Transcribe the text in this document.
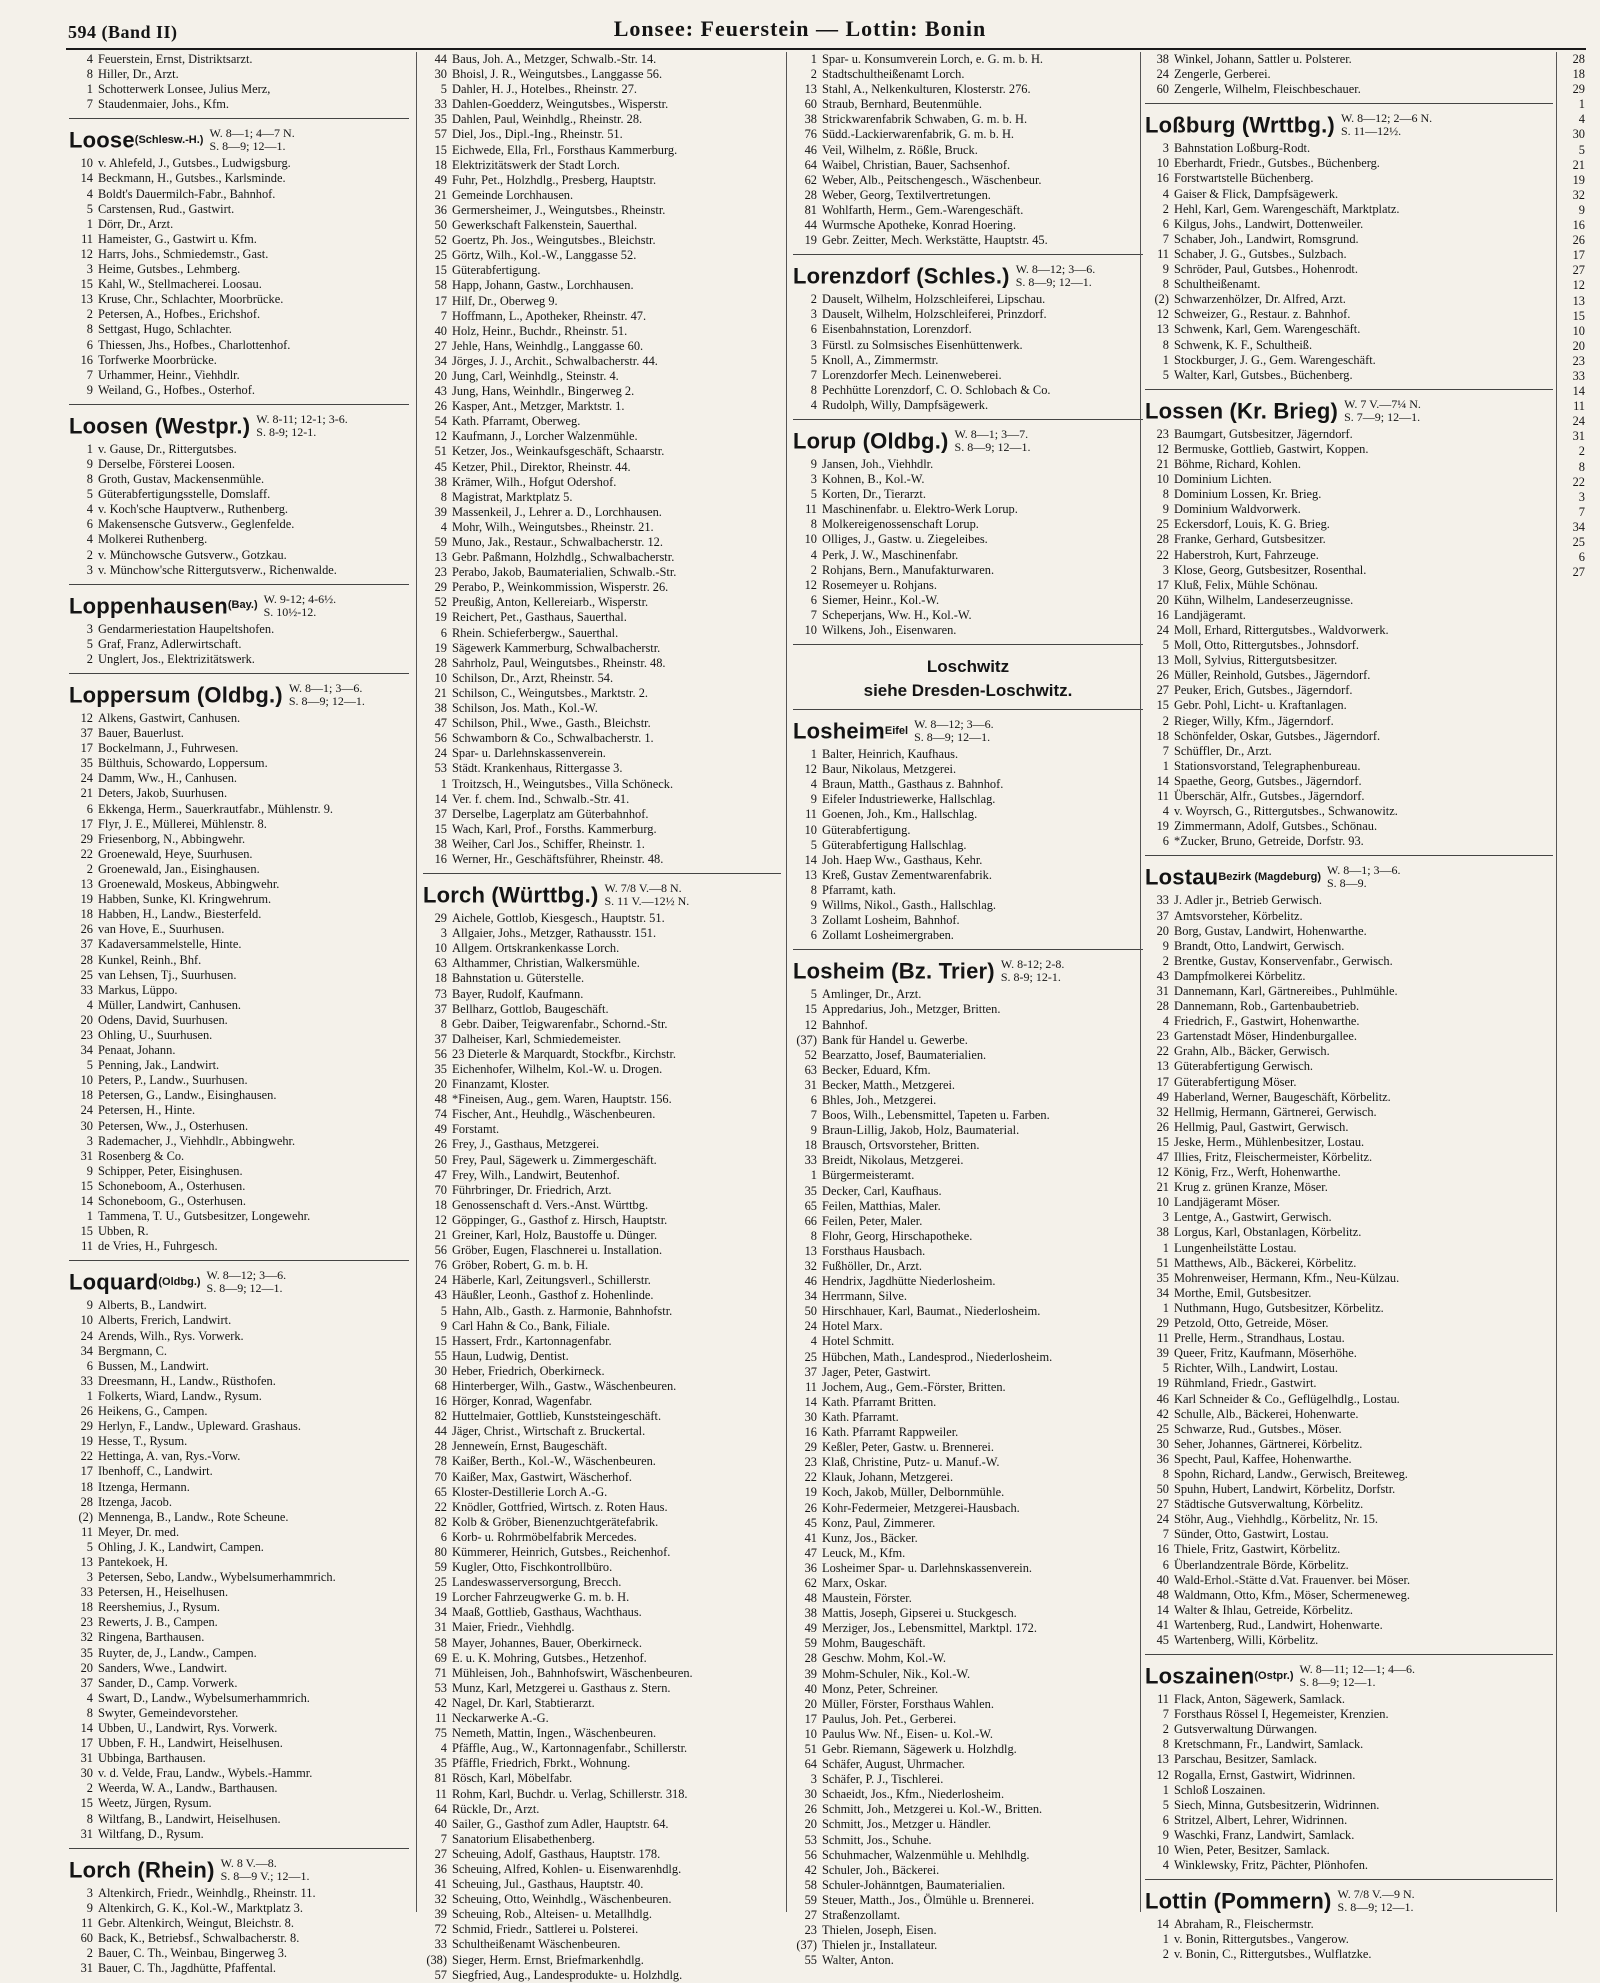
594 (Band II)	Lonsee: Feuerstein — Lottin: Bonin
4 Feuerstein, Ernst, Distriktsarzt.
8 Hiller, Dr., Arzt.
1 Schotterwerk Lonsee, Julius Merz,
7 Staudenmaier, Johs., Kfm.
Loose(Schlesw.-H.) W. 8—1; 4—7 N.
S. 8—9; 12—1.
10 v. Ahlefeld, J., Gutsbes., Ludwigsburg.
14 Beckmann, H., Gutsbes., Karlsminde.
4 Boldt's Dauermilch-Fabr., Bahnhof.
5 Carstensen, Rud., Gastwirt.
1 Dörr, Dr., Arzt.
11 Hameister, G., Gastwirt u. Kfm.
12 Harrs, Johs., Schmiedemstr., Gast.
3 Heime, Gutsbes., Lehmberg.
15 Kahl, W., Stellmacherei. Loosau.
13 Kruse, Chr., Schlachter, Moorbrücke.
2 Petersen, A., Hofbes., Erichshof.
8 Settgast, Hugo, Schlachter.
6 Thiessen, Jhs., Hofbes., Charlottenhof.
16 Torfwerke Moorbrücke.
7 Urhammer, Heinr., Viehhdlr.
9 Weiland, G., Hofbes., Osterhof.
Loosen (Westpr.) W. 8-11; 12-1; 3-6.
S. 8-9; 12-1.
1 v. Gause, Dr., Rittergutsbes.
9 Derselbe, Försterei Loosen.
8 Groth, Gustav, Mackensenmühle.
5 Güterabfertigungsstelle, Domslaff.
4 v. Koch'sche Hauptverw., Ruthenberg.
6 Makensensche Gutsverw., Geglenfelde.
4 Molkerei Ruthenberg.
2 v. Münchowsche Gutsverw., Gotzkau.
3 v. Münchow'sche Rittergutsverw., Richenwalde.
Loppenhausen(Bay.) W. 9-12; 4-6½.
S. 10½-12.
3 Gendarmeriestation Haupeltshofen.
5 Graf, Franz, Adlerwirtschaft.
2 Unglert, Jos., Elektrizitätswerk.
Loppersum (Oldbg.) W. 8—1; 3—6.
S. 8—9; 12—1.
12 Alkens, Gastwirt, Canhusen.
37 Bauer, Bauerlust.
17 Bockelmann, J., Fuhrwesen.
35 Bülthuis, Schowardo, Loppersum.
24 Damm, Ww., H., Canhusen.
21 Deters, Jakob, Suurhusen.
6 Ekkenga, Herm., Sauerkrautfabr., Mühlenstr. 9.
17 Flyr, J. E., Müllerei, Mühlenstr. 8.
29 Friesenborg, N., Abbingwehr.
22 Groenewald, Heye, Suurhusen.
2 Groenewald, Jan., Eisinghausen.
13 Groenewald, Moskeus, Abbingwehr.
19 Habben, Sunke, Kl. Kringwehrum.
18 Habben, H., Landw., Biesterfeld.
26 van Hove, E., Suurhusen.
37 Kadaversammelstelle, Hinte.
28 Kunkel, Reinh., Bhf.
25 van Lehsen, Tj., Suurhusen.
33 Markus, Lüppo.
4 Müller, Landwirt, Canhusen.
20 Odens, David, Suurhusen.
23 Ohling, U., Suurhusen.
34 Penaat, Johann.
5 Penning, Jak., Landwirt.
10 Peters, P., Landw., Suurhusen.
18 Petersen, G., Landw., Eisinghausen.
24 Petersen, H., Hinte.
30 Petersen, Ww., J., Osterhusen.
3 Rademacher, J., Viehhdlr., Abbingwehr.
31 Rosenberg & Co.
9 Schipper, Peter, Eisinghusen.
15 Schoneboom, A., Osterhusen.
14 Schoneboom, G., Osterhusen.
1 Tammena, T. U., Gutsbesitzer, Longewehr.
15 Ubben, R.
11 de Vries, H., Fuhrgesch.
Loquard(Oldbg.) W. 8—12; 3—6.
S. 8—9; 12—1.
9 Alberts, B., Landwirt.
10 Alberts, Frerich, Landwirt.
24 Arends, Wilh., Rys. Vorwerk.
34 Bergmann, C.
6 Bussen, M., Landwirt.
33 Dreesmann, H., Landw., Rüsthofen.
1 Folkerts, Wiard, Landw., Rysum.
26 Heikens, G., Campen.
29 Herlyn, F., Landw., Upleward. Grashaus.
19 Hesse, T., Rysum.
22 Hettinga, A. van, Rys.-Vorw.
17 Ibenhoff, C., Landwirt.
18 Itzenga, Hermann.
28 Itzenga, Jacob.
(2) Mennenga, B., Landw., Rote Scheune.
11 Meyer, Dr. med.
5 Ohling, J. K., Landwirt, Campen.
13 Pantekoek, H.
3 Petersen, Sebo, Landw., Wybelsumerhammrich.
33 Petersen, H., Heiselhusen.
18 Reershemius, J., Rysum.
23 Rewerts, J. B., Campen.
32 Ringena, Barthausen.
35 Ruyter, de, J., Landw., Campen.
20 Sanders, Wwe., Landwirt.
37 Sander, D., Camp. Vorwerk.
4 Swart, D., Landw., Wybelsumerhammrich.
8 Swyter, Gemeindevorsteher.
14 Ubben, U., Landwirt, Rys. Vorwerk.
17 Ubben, F. H., Landwirt, Heiselhusen.
31 Ubbinga, Barthausen.
30 v. d. Velde, Frau, Landw., Wybels.-Hammr.
2 Weerda, W. A., Landw., Barthausen.
15 Weetz, Jürgen, Rysum.
8 Wiltfang, B., Landwirt, Heiselhusen.
31 Wiltfang, D., Rysum.
Lorch (Rhein) W. 8 V.—8.
S. 8—9 V.; 12—1.
3 Altenkirch, Friedr., Weinhdlg., Rheinstr. 11.
9 Altenkirch, G. K., Kol.-W., Marktplatz 3.
11 Gebr. Altenkirch, Weingut, Bleichstr. 8.
60 Back, K., Betriebsf., Schwalbacherstr. 8.
2 Bauer, C. Th., Weinbau, Bingerweg 3.
31 Bauer, C. Th., Jagdhütte, Pfaffental.
44 Baus, Joh. A., Metzger, Schwalb.-Str. 14.
30 Bhoisl, J. R., Weingutsbes., Langgasse 56.
5 Dahler, H. J., Hotelbes., Rheinstr. 27.
33 Dahlen-Goedderz, Weingutsbes., Wisperstr.
35 Dahlen, Paul, Weinhdlg., Rheinstr. 28.
57 Diel, Jos., Dipl.-Ing., Rheinstr. 51.
15 Eichwede, Ella, Frl., Forsthaus Kammerburg.
18 Elektrizitätswerk der Stadt Lorch.
49 Fuhr, Pet., Holzhdlg., Presberg, Hauptstr.
21 Gemeinde Lorchhausen.
36 Germersheimer, J., Weingutsbes., Rheinstr.
50 Gewerkschaft Falkenstein, Sauerthal.
52 Goertz, Ph. Jos., Weingutsbes., Bleichstr.
25 Görtz, Wilh., Kol.-W., Langgasse 52.
15 Güterabfertigung.
58 Happ, Johann, Gastw., Lorchhausen.
17 Hilf, Dr., Oberweg 9.
7 Hoffmann, L., Apotheker, Rheinstr. 47.
40 Holz, Heinr., Buchdr., Rheinstr. 51.
27 Jehle, Hans, Weinhdlg., Langgasse 60.
34 Jörges, J. J., Archit., Schwalbacherstr. 44.
20 Jung, Carl, Weinhdlg., Steinstr. 4.
43 Jung, Hans, Weinhdlr., Bingerweg 2.
26 Kasper, Ant., Metzger, Marktstr. 1.
54 Kath. Pfarramt, Oberweg.
12 Kaufmann, J., Lorcher Walzenmühle.
51 Ketzer, Jos., Weinkaufsgeschäft, Schaarstr.
45 Ketzer, Phil., Direktor, Rheinstr. 44.
38 Krämer, Wilh., Hofgut Odershof.
8 Magistrat, Marktplatz 5.
39 Massenkeil, J., Lehrer a. D., Lorchhausen.
4 Mohr, Wilh., Weingutsbes., Rheinstr. 21.
59 Muno, Jak., Restaur., Schwalbacherstr. 12.
13 Gebr. Paßmann, Holzhdlg., Schwalbacherstr.
23 Perabo, Jakob, Baumaterialien, Schwalb.-Str.
29 Perabo, P., Weinkommission, Wisperstr. 26.
52 Preußig, Anton, Kellereiarb., Wisperstr.
19 Reichert, Pet., Gasthaus, Sauerthal.
6 Rhein. Schieferbergw., Sauerthal.
19 Sägewerk Kammerburg, Schwalbacherstr.
28 Sahrholz, Paul, Weingutsbes., Rheinstr. 48.
10 Schilson, Dr., Arzt, Rheinstr. 54.
21 Schilson, C., Weingutsbes., Marktstr. 2.
38 Schilson, Jos. Math., Kol.-W.
47 Schilson, Phil., Wwe., Gasth., Bleichstr.
56 Schwamborn & Co., Schwalbacherstr. 1.
24 Spar- u. Darlehnskassenverein.
53 Städt. Krankenhaus, Rittergasse 3.
1 Troitzsch, H., Weingutsbes., Villa Schöneck.
14 Ver. f. chem. Ind., Schwalb.-Str. 41.
37 Derselbe, Lagerplatz am Güterbahnhof.
15 Wach, Karl, Prof., Forsths. Kammerburg.
38 Weiher, Carl Jos., Schiffer, Rheinstr. 1.
16 Werner, Hr., Geschäftsführer, Rheinstr. 48.
Lorch (Württbg.) W. 7/8 V.—8 N.
S. 11 V.—12½ N.
29 Aichele, Gottlob, Kiesgesch., Hauptstr. 51.
3 Allgaier, Johs., Metzger, Rathausstr. 151.
10 Allgem. Ortskrankenkasse Lorch.
63 Althammer, Christian, Walkersmühle.
18 Bahnstation u. Güterstelle.
73 Bayer, Rudolf, Kaufmann.
37 Bellharz, Gottlob, Baugeschäft.
8 Gebr. Daiber, Teigwarenfabr., Schornd.-Str.
37 Dalheiser, Karl, Schmiedemeister.
56 23 Dieterle & Marquardt, Stockfbr., Kirchstr.
35 Eichenhofer, Wilhelm, Kol.-W. u. Drogen.
20 Finanzamt, Kloster.
48 *Fineisen, Aug., gem. Waren, Hauptstr. 156.
74 Fischer, Ant., Heuhdlg., Wäschenbeuren.
49 Forstamt.
26 Frey, J., Gasthaus, Metzgerei.
50 Frey, Paul, Sägewerk u. Zimmergeschäft.
47 Frey, Wilh., Landwirt, Beutenhof.
70 Führbringer, Dr. Friedrich, Arzt.
18 Genossenschaft d. Vers.-Anst. Württbg.
12 Göppinger, G., Gasthof z. Hirsch, Hauptstr.
21 Greiner, Karl, Holz, Baustoffe u. Dünger.
56 Gröber, Eugen, Flaschnerei u. Installation.
76 Gröber, Robert, G. m. b. H.
24 Häberle, Karl, Zeitungsverl., Schillerstr.
43 Häußler, Leonh., Gasthof z. Hohenlinde.
5 Hahn, Alb., Gasth. z. Harmonie, Bahnhofstr.
9 Carl Hahn & Co., Bank, Filiale.
15 Hassert, Frdr., Kartonnagenfabr.
55 Haun, Ludwig, Dentist.
30 Heber, Friedrich, Oberkirneck.
68 Hinterberger, Wilh., Gastw., Wäschenbeuren.
16 Hörger, Konrad, Wagenfabr.
82 Huttelmaier, Gottlieb, Kunststeingeschäft.
44 Jäger, Christ., Wirtschaft z. Bruckertal.
28 Jenneweín, Ernst, Baugeschäft.
78 Kaißer, Berth., Kol.-W., Wäschenbeuren.
70 Kaißer, Max, Gastwirt, Wäscherhof.
65 Kloster-Destillerie Lorch A.-G.
22 Knödler, Gottfried, Wirtsch. z. Roten Haus.
82 Kolb & Gröber, Bienenzuchtgerätefabrik.
6 Korb- u. Rohrmöbelfabrik Mercedes.
80 Kümmerer, Heinrich, Gutsbes., Reichenhof.
59 Kugler, Otto, Fischkontrollbüro.
25 Landeswasserversorgung, Brecch.
19 Lorcher Fahrzeugwerke G. m. b. H.
34 Maaß, Gottlieb, Gasthaus, Wachthaus.
31 Maier, Friedr., Viehhdlg.
58 Mayer, Johannes, Bauer, Oberkirneck.
69 E. u. K. Mohring, Gutsbes., Hetzenhof.
71 Mühleisen, Joh., Bahnhofswirt, Wäschenbeuren.
53 Munz, Karl, Metzgerei u. Gasthaus z. Stern.
42 Nagel, Dr. Karl, Stabtierarzt.
11 Neckarwerke A.-G.
75 Nemeth, Mattin, Ingen., Wäschenbeuren.
4 Pfäffle, Aug., W., Kartonnagenfabr., Schillerstr.
35 Pfäffle, Friedrich, Fbrkt., Wohnung.
81 Rösch, Karl, Möbelfabr.
11 Rohm, Karl, Buchdr. u. Verlag, Schillerstr. 318.
64 Rückle, Dr., Arzt.
40 Sailer, G., Gasthof zum Adler, Hauptstr. 64.
7 Sanatorium Elisabethenberg.
27 Scheuing, Adolf, Gasthaus, Hauptstr. 178.
36 Scheuing, Alfred, Kohlen- u. Eisenwarenhdlg.
41 Scheuing, Jul., Gasthaus, Hauptstr. 40.
32 Scheuing, Otto, Weinhdlg., Wäschenbeuren.
39 Scheuing, Rob., Alteisen- u. Metallhdlg.
72 Schmid, Friedr., Sattlerei u. Polsterei.
33 Schultheißenamt Wäschenbeuren.
(38) Sieger, Herm. Ernst, Briefmarkenhdlg.
57 Siegfried, Aug., Landesprodukte- u. Holzhdlg.
1 Spar- u. Konsumverein Lorch, e. G. m. b. H.
2 Stadtschultheißenamt Lorch.
13 Stahl, A., Nelkenkulturen, Klosterstr. 276.
60 Straub, Bernhard, Beutenmühle.
38 Strickwarenfabrik Schwaben, G. m. b. H.
76 Südd.-Lackierwarenfabrik, G. m. b. H.
46 Veil, Wilhelm, z. Rößle, Bruck.
64 Waibel, Christian, Bauer, Sachsenhof.
62 Weber, Alb., Peitschengesch., Wäschenbeur.
28 Weber, Georg, Textilvertretungen.
81 Wohlfarth, Herm., Gem.-Warengeschäft.
44 Wurmsche Apotheke, Konrad Hoering.
19 Gebr. Zeitter, Mech. Werkstätte, Hauptstr. 45.
Lorenzdorf (Schles.) W. 8—12; 3—6.
S. 8—9; 12—1.
2 Dauselt, Wilhelm, Holzschleiferei, Lipschau.
3 Dauselt, Wilhelm, Holzschleiferei, Prinzdorf.
6 Eisenbahnstation, Lorenzdorf.
3 Fürstl. zu Solmsisches Eisenhüttenwerk.
5 Knoll, A., Zimmermstr.
7 Lorenzdorfer Mech. Leinenweberei.
8 Pechhütte Lorenzdorf, C. O. Schlobach & Co.
4 Rudolph, Willy, Dampfsägewerk.
Lorup (Oldbg.) W. 8—1; 3—7.
S. 8—9; 12—1.
9 Jansen, Joh., Viehhdlr.
3 Kohnen, B., Kol.-W.
5 Korten, Dr., Tierarzt.
11 Maschinenfabr. u. Elektro-Werk Lorup.
8 Molkereigenossenschaft Lorup.
10 Olliges, J., Gastw. u. Ziegeleibes.
4 Perk, J. W., Maschinenfabr.
2 Rohjans, Bern., Manufakturwaren.
12 Rosemeyer u. Rohjans.
6 Siemer, Heinr., Kol.-W.
7 Scheperjans, Ww. H., Kol.-W.
10 Wilkens, Joh., Eisenwaren.
Loschwitz
siehe Dresden-Loschwitz.
LosheimEifel W. 8—12; 3—6.
S. 8—9; 12—1.
1 Balter, Heinrich, Kaufhaus.
12 Baur, Nikolaus, Metzgerei.
4 Braun, Matth., Gasthaus z. Bahnhof.
9 Eifeler Industriewerke, Hallschlag.
11 Goenen, Joh., Km., Hallschlag.
10 Güterabfertigung.
5 Güterabfertigung Hallschlag.
14 Joh. Haep Ww., Gasthaus, Kehr.
13 Kreß, Gustav Zementwarenfabrik.
8 Pfarramt, kath.
9 Willms, Nikol., Gasth., Hallschlag.
3 Zollamt Losheim, Bahnhof.
6 Zollamt Losheimergraben.
Losheim (Bz. Trier) W. 8-12; 2-8.
S. 8-9; 12-1.
5 Amlinger, Dr., Arzt.
15 Appredarius, Joh., Metzger, Britten.
12 Bahnhof.
(37) Bank für Handel u. Gewerbe.
52 Bearzatto, Josef, Baumaterialien.
63 Becker, Eduard, Kfm.
31 Becker, Matth., Metzgerei.
6 Bhles, Joh., Metzgerei.
7 Boos, Wilh., Lebensmittel, Tapeten u. Farben.
9 Braun-Lillig, Jakob, Holz, Baumaterial.
18 Brausch, Ortsvorsteher, Britten.
33 Breidt, Nikolaus, Metzgerei.
1 Bürgermeisteramt.
35 Decker, Carl, Kaufhaus.
65 Feilen, Matthias, Maler.
66 Feilen, Peter, Maler.
8 Flohr, Georg, Hirschapotheke.
13 Forsthaus Hausbach.
32 Fußhöller, Dr., Arzt.
46 Hendrix, Jagdhütte Niederlosheim.
34 Herrmann, Silve.
50 Hirschhauer, Karl, Baumat., Niederlosheim.
24 Hotel Marx.
4 Hotel Schmitt.
25 Hübchen, Math., Landesprod., Niederlosheim.
37 Jager, Peter, Gastwirt.
11 Jochem, Aug., Gem.-Förster, Britten.
14 Kath. Pfarramt Britten.
30 Kath. Pfarramt.
16 Kath. Pfarramt Rappweiler.
29 Keßler, Peter, Gastw. u. Brennerei.
23 Klaß, Christine, Putz- u. Manuf.-W.
22 Klauk, Johann, Metzgerei.
19 Koch, Jakob, Müller, Delbornmühle.
26 Kohr-Federmeier, Metzgerei-Hausbach.
45 Konz, Paul, Zimmerer.
41 Kunz, Jos., Bäcker.
47 Leuck, M., Kfm.
36 Losheimer Spar- u. Darlehnskassenverein.
62 Marx, Oskar.
48 Maustein, Förster.
38 Mattis, Joseph, Gipserei u. Stuckgesch.
49 Merziger, Jos., Lebensmittel, Marktpl. 172.
59 Mohm, Baugeschäft.
28 Geschw. Mohm, Kol.-W.
39 Mohm-Schuler, Nik., Kol.-W.
40 Monz, Peter, Schreiner.
20 Müller, Förster, Forsthaus Wahlen.
17 Paulus, Joh. Pet., Gerberei.
10 Paulus Ww. Nf., Eisen- u. Kol.-W.
51 Gebr. Riemann, Sägewerk u. Holzhdlg.
64 Schäfer, August, Uhrmacher.
3 Schäfer, P. J., Tischlerei.
30 Schaeidt, Jos., Kfm., Niederlosheim.
26 Schmitt, Joh., Metzgerei u. Kol.-W., Britten.
20 Schmitt, Jos., Metzger u. Händler.
53 Schmitt, Jos., Schuhe.
56 Schuhmacher, Walzenmühle u. Mehlhdlg.
42 Schuler, Joh., Bäckerei.
58 Schuler-Johänntgen, Baumaterialien.
59 Steuer, Matth., Jos., Ölmühle u. Brennerei.
27 Straßenzollamt.
23 Thielen, Joseph, Eisen.
(37) Thielen jr., Installateur.
55 Walter, Anton.
38 Winkel, Johann, Sattler u. Polsterer.
24 Zengerle, Gerberei.
60 Zengerle, Wilhelm, Fleischbeschauer.
Loßburg (Wrttbg.) W. 8—12; 2—6 N.
S. 11—12½.
3 Bahnstation Loßburg-Rodt.
10 Eberhardt, Friedr., Gutsbes., Büchenberg.
16 Forstwartstelle Büchenberg.
4 Gaiser & Flick, Dampfsägewerk.
2 Hehl, Karl, Gem. Warengeschäft, Marktplatz.
6 Kilgus, Johs., Landwirt, Dottenweiler.
7 Schaber, Joh., Landwirt, Romsgrund.
11 Schaber, J. G., Gutsbes., Sulzbach.
9 Schröder, Paul, Gutsbes., Hohenrodt.
8 Schultheißenamt.
(2) Schwarzenhölzer, Dr. Alfred, Arzt.
12 Schweizer, G., Restaur. z. Bahnhof.
13 Schwenk, Karl, Gem. Warengeschäft.
8 Schwenk, K. F., Schultheiß.
1 Stockburger, J. G., Gem. Warengeschäft.
5 Walter, Karl, Gutsbes., Büchenberg.
Lossen (Kr. Brieg) W. 7 V.—7¼ N.
S. 7—9; 12—1.
23 Baumgart, Gutsbesitzer, Jägerndorf.
12 Bermuske, Gottlieb, Gastwirt, Koppen.
21 Böhme, Richard, Kohlen.
10 Dominium Lichten.
8 Dominium Lossen, Kr. Brieg.
9 Dominium Waldvorwerk.
25 Eckersdorf, Louis, K. G. Brieg.
28 Franke, Gerhard, Gutsbesitzer.
22 Haberstroh, Kurt, Fahrzeuge.
3 Klose, Georg, Gutsbesitzer, Rosenthal.
17 Kluß, Felix, Mühle Schönau.
20 Kühn, Wilhelm, Landeserzeugnisse.
16 Landjägeramt.
24 Moll, Erhard, Rittergutsbes., Waldvorwerk.
5 Moll, Otto, Rittergutsbes., Johnsdorf.
13 Moll, Sylvius, Rittergutsbesitzer.
26 Müller, Reinhold, Gutsbes., Jägerndorf.
27 Peuker, Erich, Gutsbes., Jägerndorf.
15 Gebr. Pohl, Licht- u. Kraftanlagen.
2 Rieger, Willy, Kfm., Jägerndorf.
18 Schönfelder, Oskar, Gutsbes., Jägerndorf.
7 Schüffler, Dr., Arzt.
1 Stationsvorstand, Telegraphenbureau.
14 Spaethe, Georg, Gutsbes., Jägerndorf.
11 Überschär, Alfr., Gutsbes., Jägerndorf.
4 v. Woyrsch, G., Rittergutsbes., Schwanowitz.
19 Zimmermann, Adolf, Gutsbes., Schönau.
6 *Zucker, Bruno, Getreide, Dorfstr. 93.
LostauBezirk (Magdeburg) W. 8—1; 3—6.
S. 8—9.
33 J. Adler jr., Betrieb Gerwisch.
37 Amtsvorsteher, Körbelitz.
20 Borg, Gustav, Landwirt, Hohenwarthe.
9 Brandt, Otto, Landwirt, Gerwisch.
2 Brentke, Gustav, Konservenfabr., Gerwisch.
43 Dampfmolkerei Körbelitz.
31 Dannemann, Karl, Gärtnereibes., Puhlmühle.
28 Dannemann, Rob., Gartenbaubetrieb.
4 Friedrich, F., Gastwirt, Hohenwarthe.
23 Gartenstadt Möser, Hindenburgallee.
22 Grahn, Alb., Bäcker, Gerwisch.
13 Güterabfertigung Gerwisch.
17 Güterabfertigung Möser.
49 Haberland, Werner, Baugeschäft, Körbelitz.
32 Hellmig, Hermann, Gärtnerei, Gerwisch.
26 Hellmig, Paul, Gastwirt, Gerwisch.
15 Jeske, Herm., Mühlenbesitzer, Lostau.
47 Illies, Fritz, Fleischermeister, Körbelitz.
12 König, Frz., Werft, Hohenwarthe.
21 Krug z. grünen Kranze, Möser.
10 Landjägeramt Möser.
3 Lentge, A., Gastwirt, Gerwisch.
38 Lorgus, Karl, Obstanlagen, Körbelitz.
1 Lungenheilstätte Lostau.
51 Matthews, Alb., Bäckerei, Körbelitz.
35 Mohrenweiser, Hermann, Kfm., Neu-Külzau.
34 Morthe, Emil, Gutsbesitzer.
1 Nuthmann, Hugo, Gutsbesitzer, Körbelitz.
29 Petzold, Otto, Getreide, Möser.
11 Prelle, Herm., Strandhaus, Lostau.
39 Queer, Fritz, Kaufmann, Möserhöhe.
5 Richter, Wilh., Landwirt, Lostau.
19 Rühmland, Friedr., Gastwirt.
46 Karl Schneider & Co., Geflügelhdlg., Lostau.
42 Schulle, Alb., Bäckerei, Hohenwarte.
25 Schwarze, Rud., Gutsbes., Möser.
30 Seher, Johannes, Gärtnerei, Körbelitz.
36 Specht, Paul, Kaffee, Hohenwarthe.
8 Spohn, Richard, Landw., Gerwisch, Breiteweg.
50 Spuhn, Hubert, Landwirt, Körbelitz, Dorfstr.
27 Städtische Gutsverwaltung, Körbelitz.
24 Stöhr, Aug., Viehhdlg., Körbelitz, Nr. 15.
7 Sünder, Otto, Gastwirt, Lostau.
16 Thiele, Fritz, Gastwirt, Körbelitz.
6 Überlandzentrale Börde, Körbelitz.
40 Wald-Erhol.-Stätte d.Vat. Frauenver. bei Möser.
48 Waldmann, Otto, Kfm., Möser, Schermeneweg.
14 Walter & Ihlau, Getreide, Körbelitz.
41 Wartenberg, Rud., Landwirt, Hohenwarte.
45 Wartenberg, Willi, Körbelitz.
Loszainen(Ostpr.) W. 8—11; 12—1; 4—6.
S. 8—9; 12—1.
11 Flack, Anton, Sägewerk, Samlack.
7 Forsthaus Rössel I, Hegemeister, Krenzien.
2 Gutsverwaltung Dürwangen.
8 Kretschmann, Fr., Landwirt, Samlack.
13 Parschau, Besitzer, Samlack.
12 Rogalla, Ernst, Gastwirt, Widrinnen.
1 Schloß Loszainen.
5 Siech, Minna, Gutsbesitzerin, Widrinnen.
6 Stritzel, Albert, Lehrer, Widrinnen.
9 Waschki, Franz, Landwirt, Samlack.
10 Wien, Peter, Besitzer, Samlack.
4 Winklewsky, Fritz, Pächter, Plönhofen.
Lottin (Pommern) W. 7/8 V.—9 N.
S. 8—9; 12—1.
14 Abraham, R., Fleischermstr.
1 v. Bonin, Rittergutsbes., Vangerow.
2 v. Bonin, C., Rittergutsbes., Wulflatzke.
28
18
29
1
4
30
5
21
19
32
9
16
26
17
27
12
13
15
10
20
23
33
14
11
24
31
2
8
22
3
7
34
25
6
27
